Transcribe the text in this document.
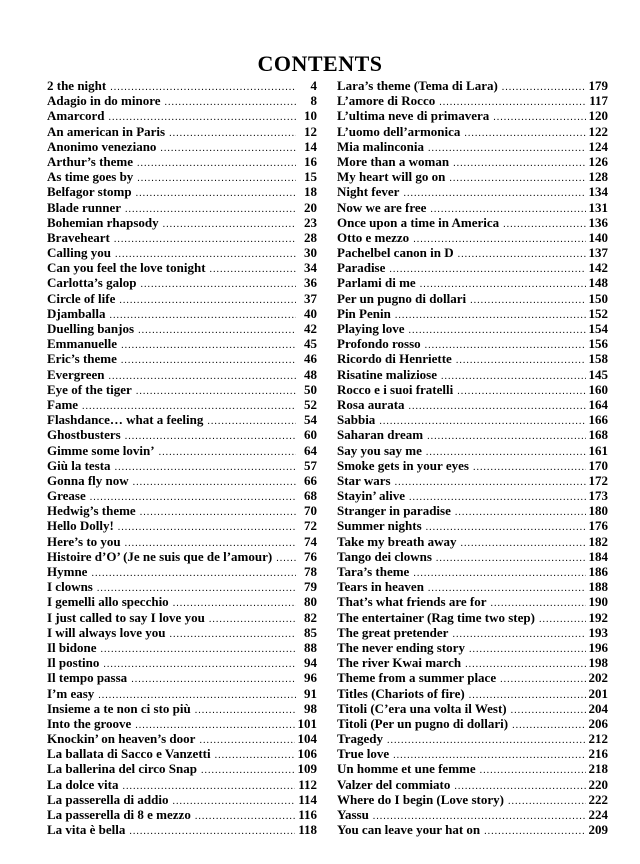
CONTENTS
2 the night .....	4
Adagio in do minore .....	8
Amarcord .....	10
An american in Paris .....	12
Anonimo veneziano .....	14
Arthur’s theme .....	16
As time goes by .....	15
Belfagor stomp .....	18
Blade runner .....	20
Bohemian rhapsody .....	23
Braveheart .....	28
Calling you .....	30
Can you feel the love tonight .....	34
Carlotta’s galop .....	36
Circle of life .....	37
Djamballa .....	40
Duelling banjos .....	42
Emmanuelle .....	45
Eric’s theme .....	46
Evergreen .....	48
Eye of the tiger .....	50
Fame .....	52
Flashdance… what a feeling .....	54
Ghostbusters .....	60
Gimme some lovin’ .....	64
Giù la testa .....	57
Gonna fly now .....	66
Grease .....	68
Hedwig’s theme .....	70
Hello Dolly! .....	72
Here’s to you .....	74
Histoire d’O’ (Je ne suis que de l’amour) .....	76
Hymne .....	78
I clowns .....	79
I gemelli allo specchio .....	80
I just called to say I love you .....	82
I will always love you .....	85
Il bidone .....	88
Il postino .....	94
Il tempo passa .....	96
I’m easy .....	91
Insieme a te non ci sto più .....	98
Into the groove .....	101
Knockin’ on heaven’s door .....	104
La ballata di Sacco e Vanzetti .....	106
La ballerina del circo Snap .....	109
La dolce vita .....	112
La passerella di addio .....	114
La passerella di 8 e mezzo .....	116
La vita è bella .....	118
Lara’s theme (Tema di Lara) .....	179
L’amore di Rocco .....	117
L’ultima neve di primavera .....	120
L’uomo dell’armonica .....	122
Mia malinconia .....	124
More than a woman .....	126
My heart will go on .....	128
Night fever .....	134
Now we are free .....	131
Once upon a time in America .....	136
Otto e mezzo .....	140
Pachelbel canon in D .....	137
Paradise .....	142
Parlami di me .....	148
Per un pugno di dollari .....	150
Pin Penin .....	152
Playing love .....	154
Profondo rosso .....	156
Ricordo di Henriette .....	158
Risatine maliziose .....	145
Rocco e i suoi fratelli .....	160
Rosa aurata .....	164
Sabbia .....	166
Saharan dream .....	168
Say you say me .....	161
Smoke gets in your eyes .....	170
Star wars .....	172
Stayin’ alive .....	173
Stranger in paradise .....	180
Summer nights .....	176
Take my breath away .....	182
Tango dei clowns .....	184
Tara’s theme .....	186
Tears in heaven .....	188
That’s what friends are for .....	190
The entertainer (Rag time two step) .....	192
The great pretender .....	193
The never ending story .....	196
The river Kwai march .....	198
Theme from a summer place .....	202
Titles (Chariots of fire) .....	201
Titoli (C’era una volta il West) .....	204
Titoli (Per un pugno di dollari) .....	206
Tragedy .....	212
True love .....	216
Un homme et une femme .....	218
Valzer del commiato .....	220
Where do I begin (Love story) .....	222
Yassu .....	224
You can leave your hat on .....	209
